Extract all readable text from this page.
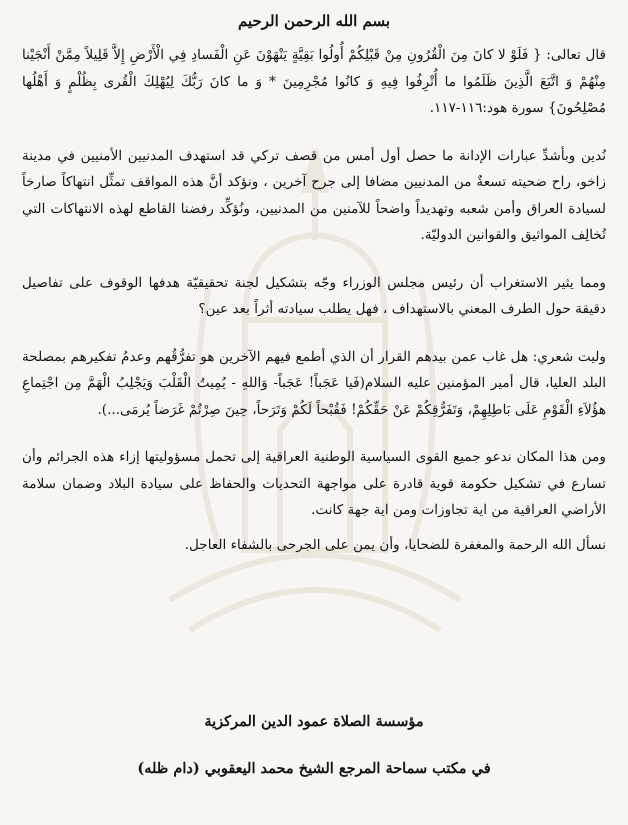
بسم الله الرحمن الرحيم

قال تعالى: { فَلَوْ لا كانَ مِنَ الْقُرُونِ مِنْ قَبْلِكُمْ أُولُوا بَقِيَّةٍ يَنْهَوْنَ عَنِ الْفَسادِ فِي الْأَرْضِ إِلاَّ قَلِيلاً مِمَّنْ أَنْجَيْنا مِنْهُمْ وَ اتَّبَعَ الَّذِينَ ظَلَمُوا ما أُتْرِفُوا فِيهِ وَ كانُوا مُجْرِمِينَ * وَ ما كانَ رَبُّكَ لِيُهْلِكَ الْقُرى بِظُلْمٍ وَ أَهْلُها مُصْلِحُونَ} سورة هود:١١٦-١١٧.

نُدين وبأشدِّ عبارات الإدانة ما حصل أول أمس من قصف تركي قد استهدف المدنيين الأمنيين في مدينة زاخو، راح ضحيته تسعةٌ من المدنيين مضافا إلى جرح آخرين ، ونؤكد أنَّ هذه المواقف تمثِّل انتهاكاً صارخاً لسيادة العراق وأمن شعبه وتهديداً واضحاً للآمنين من المدنيين، ونُؤكِّد رفضنا القاطع لهذه الانتهاكات التي تُخالِف المواثيق والقوانين الدوليّة.

ومما يثير الاستغراب أن رئيس مجلس الوزراء وجّه بتشكيل لجنة تحقيقيّة هدفها الوقوف على تفاصيل دقيقة حول الطرف المعني بالاستهداف ، فهل يطلب سيادته أثراً بعد عين؟

وليت شعري: هل غاب عمن بيدهم القرار أن الذي أطمع فيهم الآخرين هو تفرُّقُهم وعدمُ تفكيرهم بمصلحة البلد العليا، قال أمير المؤمنين عليه السلام(فَيا عَجَباً! عَجَباً- وَاللهِ - يُمِيتُ الْقَلْبَ وَيَجْلِبُ الْهَمَّ مِن اجْتِماعِ هؤُلاَءِ الْقَوْمِ عَلَى بَاطِلِهِمْ، وَتَفَرُّقِكُمْ عَنْ حَقِّكُمْ! فَقُبْحاً لَكُمْ وَتَرَحاً، حِينَ صِرْتُمْ غَرَضاً يُرمَى...).

ومن هذا المكان ندعو جميع القوى السياسية الوطنية العراقية إلى تحمل مسؤوليتها إزاء هذه الجرائم وأن تسارع في تشكيل حكومة قوية قادرة على مواجهة التحديات والحفاظ على سيادة البلاد وضمان سلامة الأراضي العراقية من اية تجاوزات ومن اية جهة كانت.

نسأل الله الرحمة والمغفرة للضحايا، وأن يمن على الجرحى بالشفاء العاجل.

مؤسسة الصلاة عمود الدين المركزية
في مكتب سماحة المرجع الشيخ محمد اليعقوبي (دام ظله)
